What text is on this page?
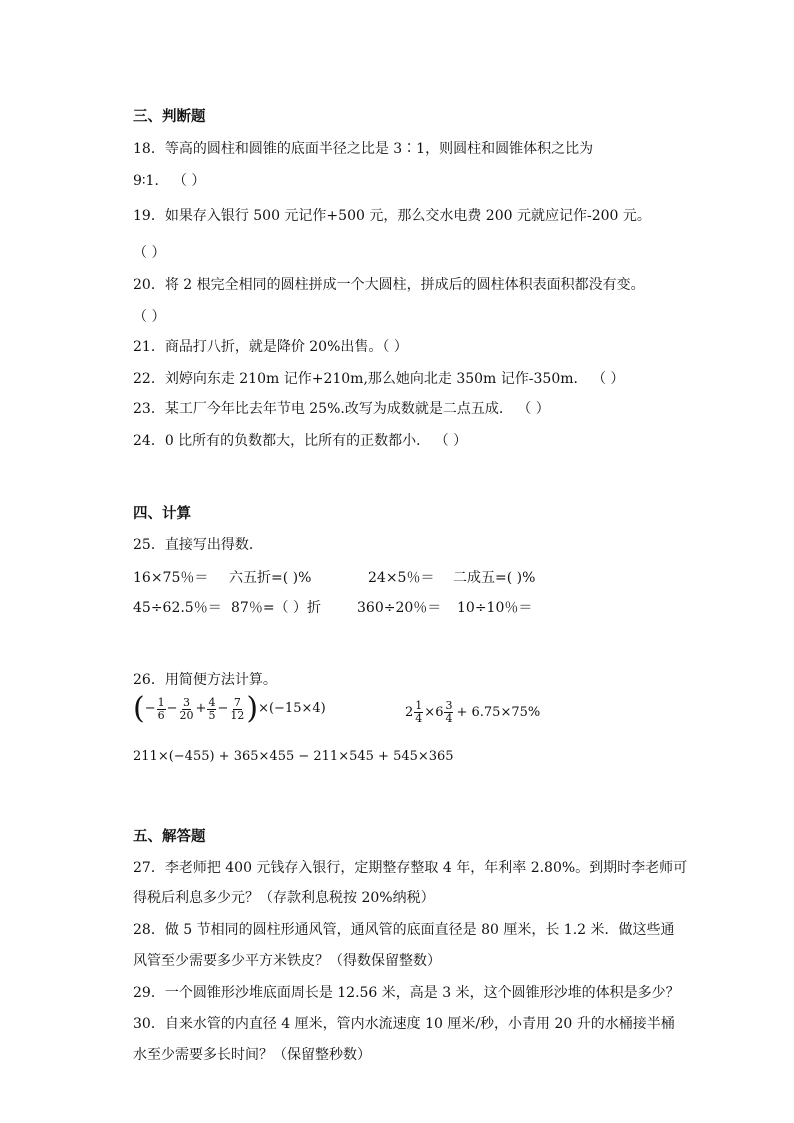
三、判断题
18．等高的圆柱和圆锥的底面半径之比是 3∶1，则圆柱和圆锥体积之比为
9∶1． （ ）
19．如果存入银行 500 元记作+500 元，那么交水电费 200 元就应记作-200 元。
（ ）
20．将 2 根完全相同的圆柱拼成一个大圆柱，拼成后的圆柱体积表面积都没有变。
（ ）
21．商品打八折，就是降价 20%出售。（ ）
22．刘婷向东走 210m 记作+210m,那么她向北走 350m 记作-350m． （ ）
23．某工厂今年比去年节电 25%.改写为成数就是二点五成． （ ）
24．0 比所有的负数都大，比所有的正数都小． （ ）
四、计算
25．直接写出得数．
16×75％＝ 六五折=( )%	24×5％＝ 二成五=( )%
45÷62.5％＝ 87％=（ ）折	360÷20％＝ 10÷10％＝
26．用简便方法计算。
( − $\frac{1}{6} - \frac{3}{20} + \frac{4}{5} - \frac{7}{12}$ ) ×(−15×4)	$2 \frac{1}{4} \times 6 \frac{3}{4} + 6.75\times 75\%$
211×(−455) + 365×455 − 211×545 + 545×365
五、解答题
27．李老师把 400 元钱存入银行，定期整存整取 4 年，年利率 2.80%。到期时李老师可
得税后利息多少元？（存款利息税按 20%纳税）
28．做 5 节相同的圆柱形通风管，通风管的底面直径是 80 厘米，长 1.2 米．做这些通
风管至少需要多少平方米铁皮？（得数保留整数）
29．一个圆锥形沙堆底面周长是 12.56 米，高是 3 米，这个圆锥形沙堆的体积是多少？
30．自来水管的内直径 4 厘米，管内水流速度 10 厘米/秒，小青用 20 升的水桶接半桶
水至少需要多长时间？（保留整秒数）
